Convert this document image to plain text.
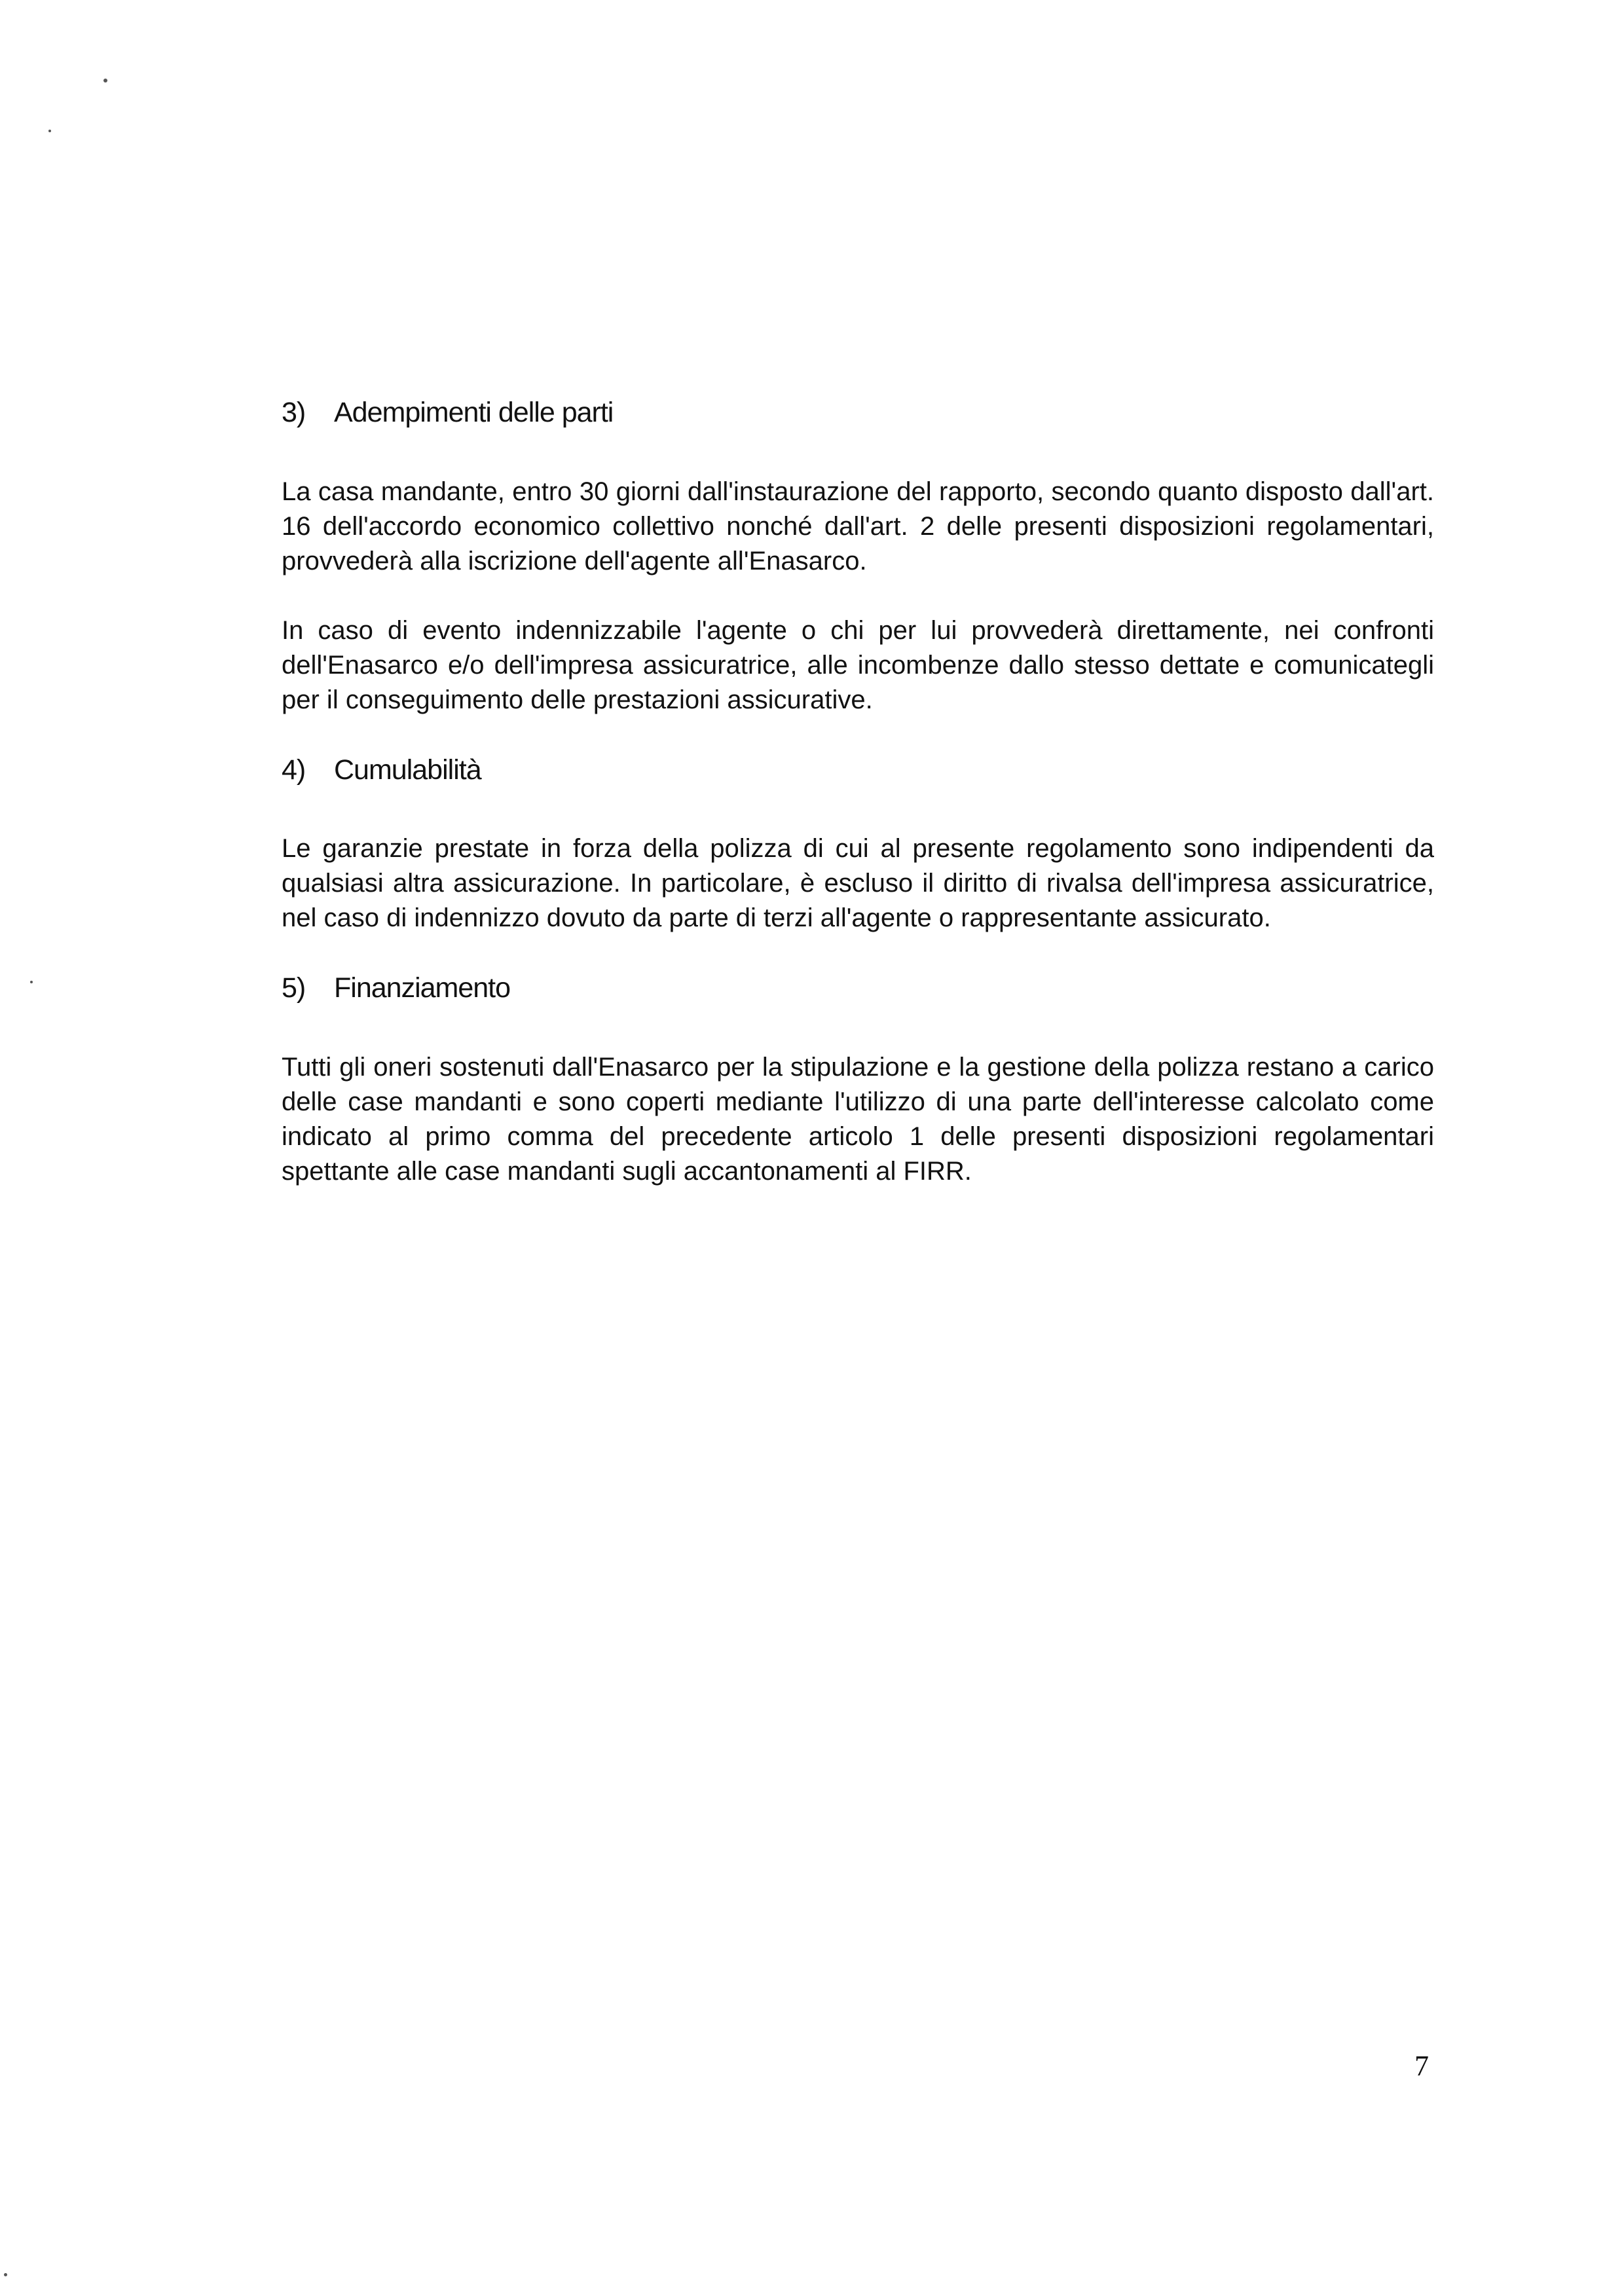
3) Adempimenti delle parti

La casa mandante, entro 30 giorni dall'instaurazione del rapporto, secondo quanto disposto dall'art. 16 dell'accordo economico collettivo nonché dall'art. 2 delle presenti disposizioni regolamentari, provvederà alla iscrizione dell'agente all'Enasarco.

In caso di evento indennizzabile l'agente o chi per lui provvederà direttamente, nei confronti dell'Enasarco e/o dell'impresa assicuratrice, alle incombenze dallo stesso dettate e comunicategli per il conseguimento delle prestazioni assicurative.

4) Cumulabilità

Le garanzie prestate in forza della polizza di cui al presente regolamento sono indipendenti da qualsiasi altra assicurazione. In particolare, è escluso il diritto di rivalsa dell'impresa assicuratrice, nel caso di indennizzo dovuto da parte di terzi all'agente o rappresentante assicurato.

5) Finanziamento

Tutti gli oneri sostenuti dall'Enasarco per la stipulazione e la gestione della polizza restano a carico delle case mandanti e sono coperti mediante l'utilizzo di una parte dell'interesse calcolato come indicato al primo comma del precedente articolo 1 delle presenti disposizioni regolamentari spettante alle case mandanti sugli accantonamenti al FIRR.

7
